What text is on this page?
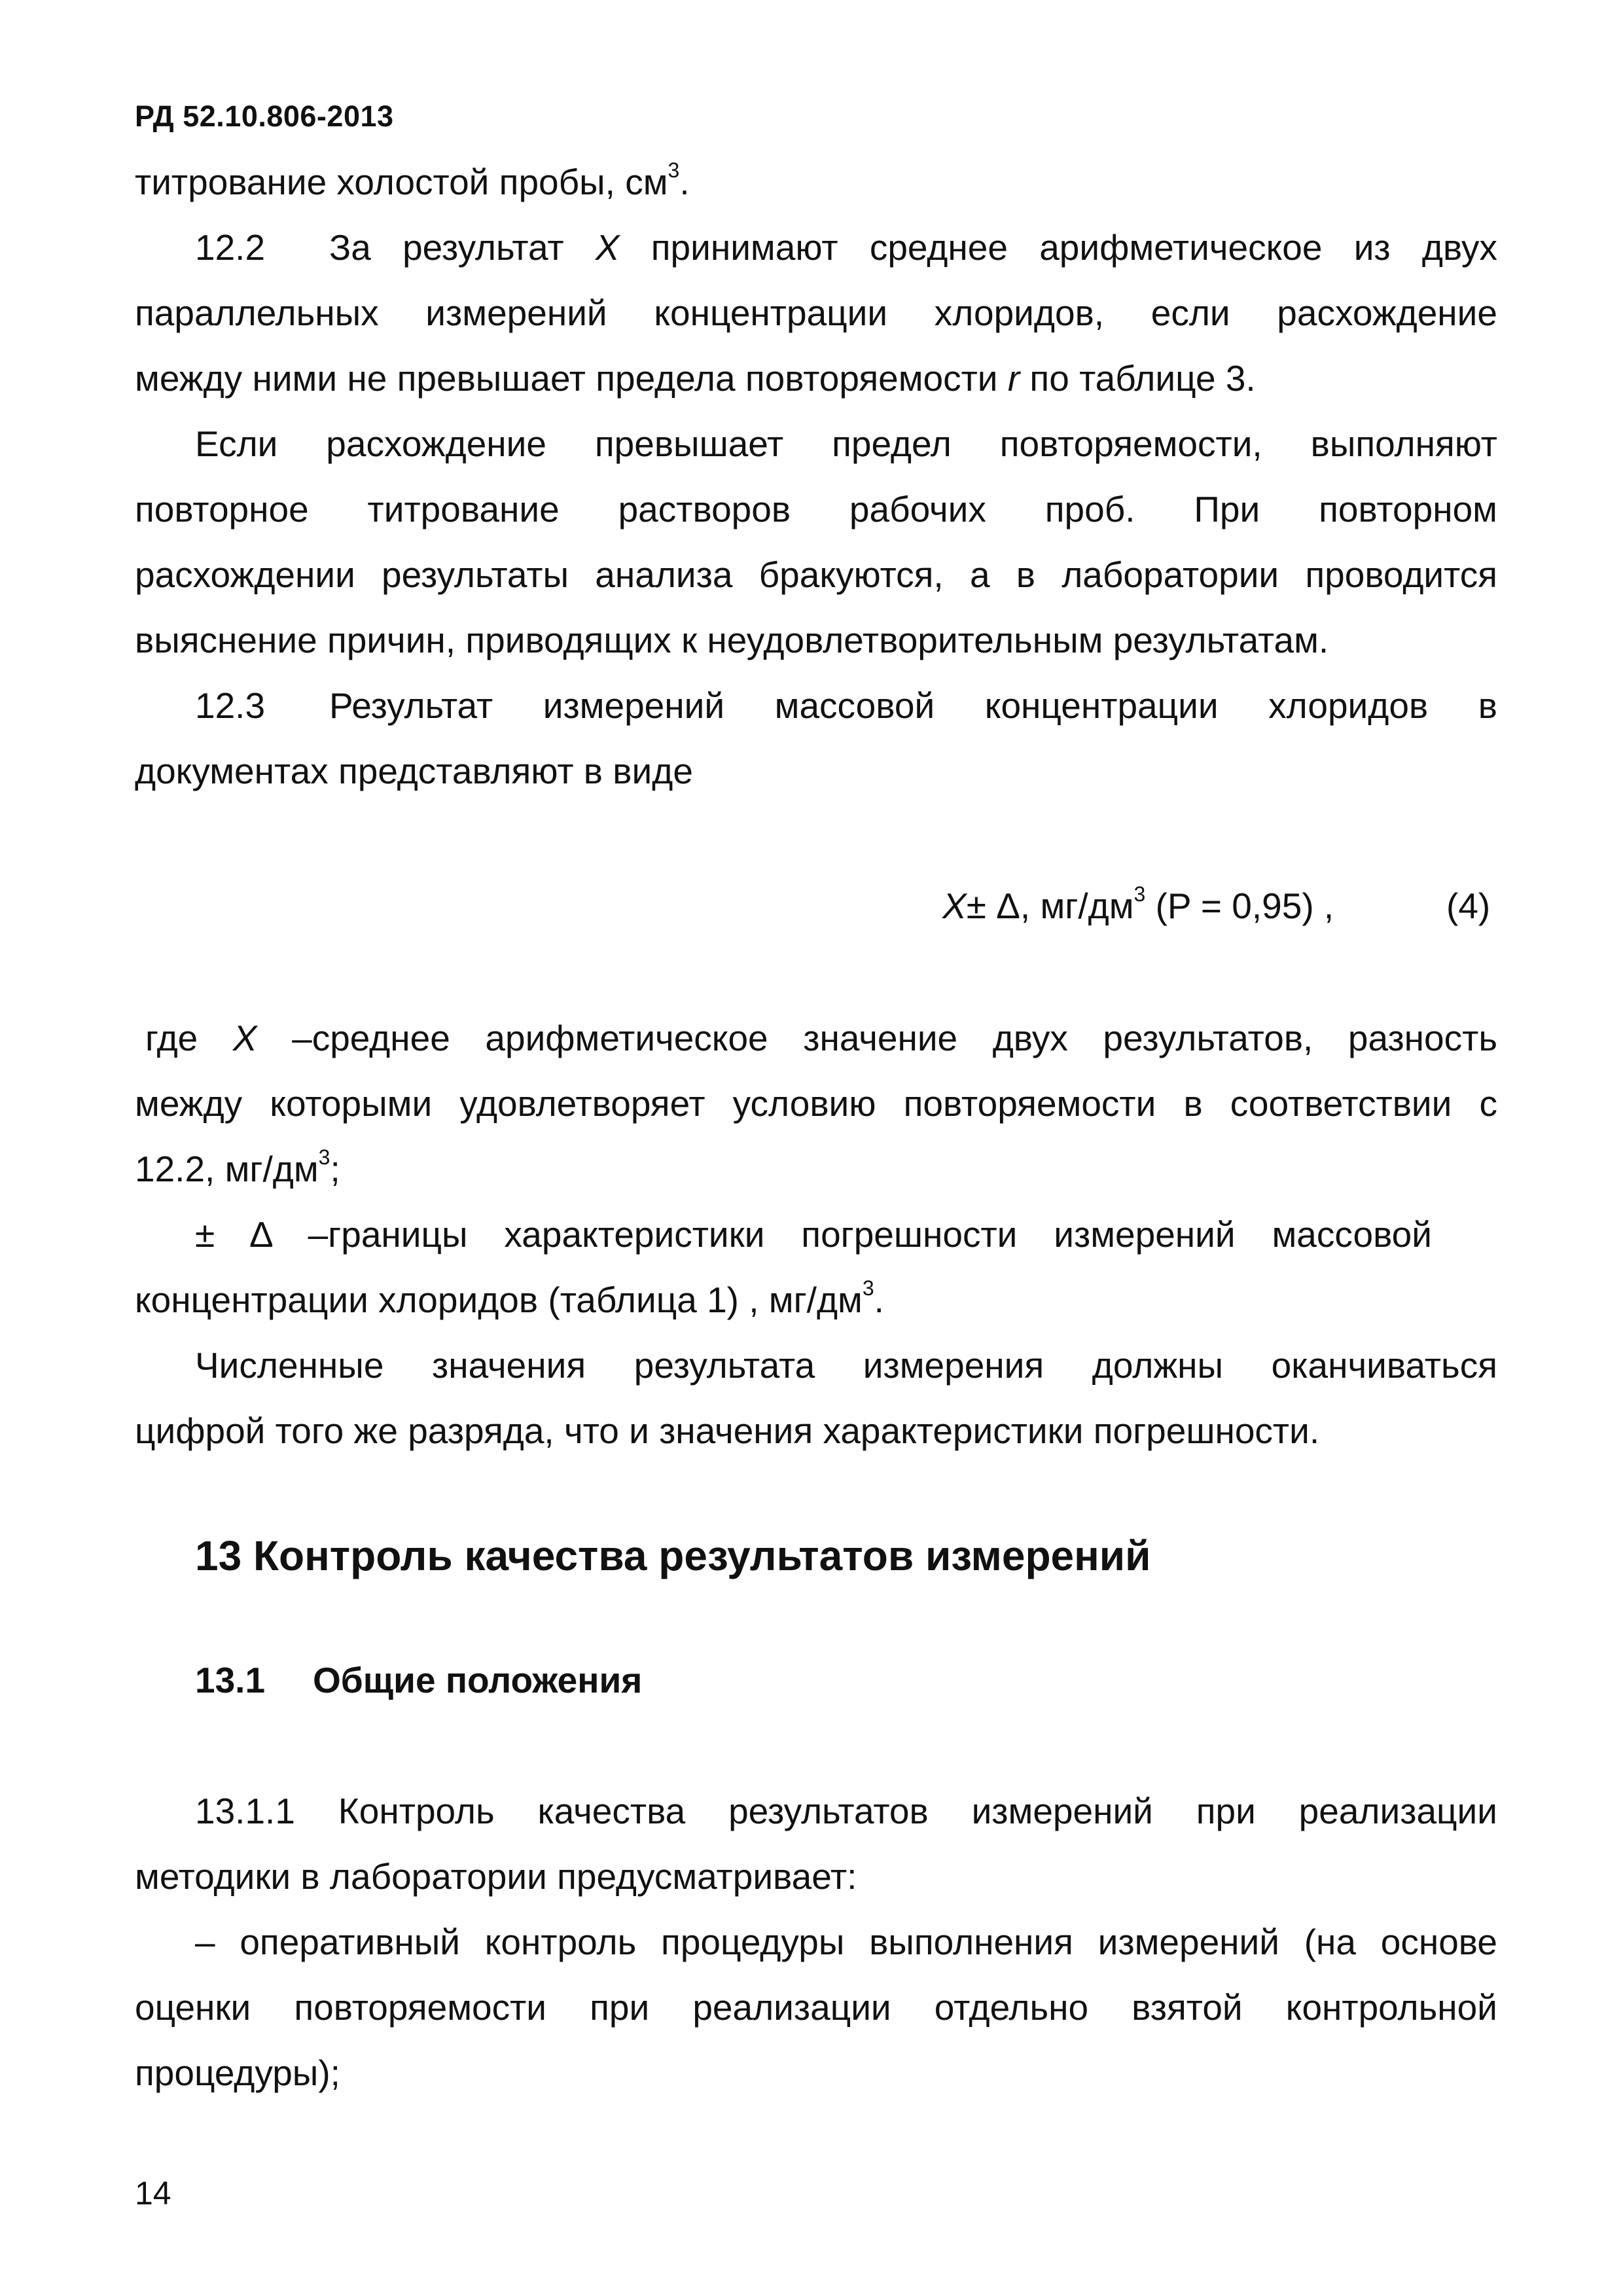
РД 52.10.806-2013
титрование холостой пробы, $см^3$.
12.2 За результат X принимают среднее арифметическое из двух
параллельных измерений концентрации хлоридов, если расхождение
между ними не превышает предела повторяемости r по таблице 3.
Если расхождение превышает предел повторяемости, выполняют
повторное титрование растворов рабочих проб. При повторном
расхождении результаты анализа бракуются, а в лаборатории проводится
выяснение причин, приводящих к неудовлетворительным результатам.
12.3 Результат измерений массовой концентрации хлоридов в
документах представляют в виде
X± Δ, $мг/дм^3$ (P = 0,95) ,	(4)
где X –среднее арифметическое значение двух результатов, разность
между которыми удовлетворяет условию повторяемости в соответствии с
12.2, $мг/дм^3$;
± Δ –границы характеристики погрешности измерений массовой
концентрации хлоридов (таблица 1) , $мг/дм^3$.
Численные значения результата измерения должны оканчиваться
цифрой того же разряда, что и значения характеристики погрешности.
13 Контроль качества результатов измерений
13.1 Общие положения
13.1.1 Контроль качества результатов измерений при реализации
методики в лаборатории предусматривает:
– оперативный контроль процедуры выполнения измерений (на основе
оценки повторяемости при реализации отдельно взятой контрольной
процедуры);
14
